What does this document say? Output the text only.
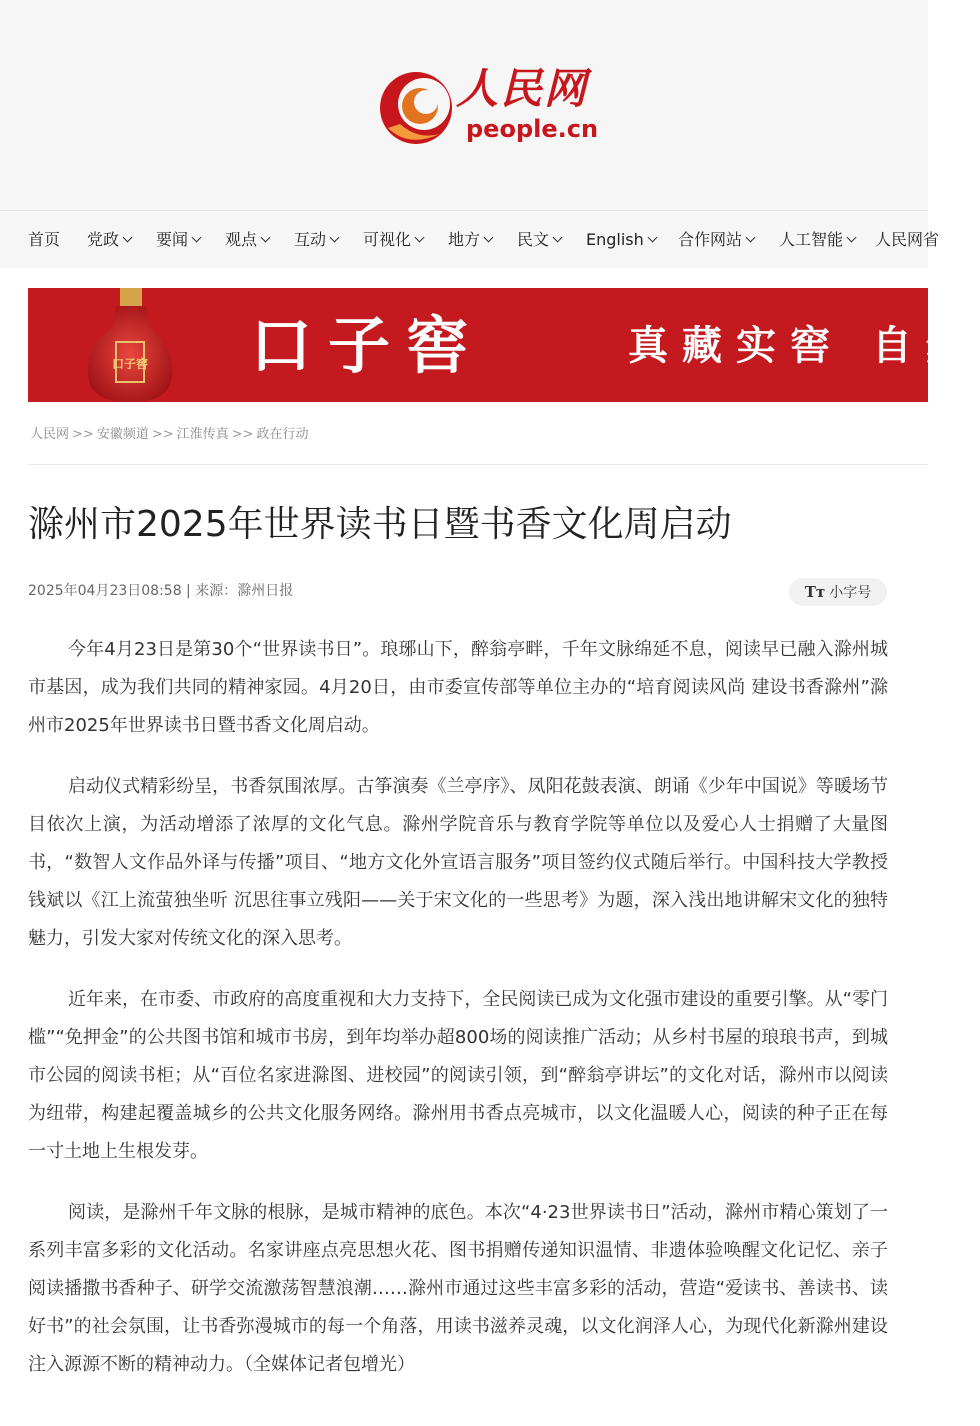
人民网
people.cn
首页 党政	要闻	观点	互动	可视化	地方	民文	English	合作网站	人工智能	人民网省
口子窖 口子窖	真藏实窖 自然
人民网 >> 安徽频道 >> 江淮传真 >> 政在行动
滁州市2025年世界读书日暨书香文化周启动
2025年04月23日08:58 | 来源：滁州日报	Tт 小字号

今年4月23日是第30个“世界读书日”。琅琊山下，醉翁亭畔，千年文脉绵延不息，阅读早已融入滁州城市基因，成为我们共同的精神家园。4月20日，由市委宣传部等单位主办的“培育阅读风尚 建设书香滁州”滁州市2025年世界读书日暨书香文化周启动。

启动仪式精彩纷呈，书香氛围浓厚。古筝演奏《兰亭序》、凤阳花鼓表演、朗诵《少年中国说》等暖场节目依次上演，为活动增添了浓厚的文化气息。滁州学院音乐与教育学院等单位以及爱心人士捐赠了大量图书，“数智人文作品外译与传播”项目、“地方文化外宣语言服务”项目签约仪式随后举行。中国科技大学教授钱斌以《江上流萤独坐听 沉思往事立残阳——关于宋文化的一些思考》为题，深入浅出地讲解宋文化的独特魅力，引发大家对传统文化的深入思考。

近年来，在市委、市政府的高度重视和大力支持下，全民阅读已成为文化强市建设的重要引擎。从“零门槛”“免押金”的公共图书馆和城市书房，到年均举办超800场的阅读推广活动；从乡村书屋的琅琅书声，到城市公园的阅读书柜；从“百位名家进滁图、进校园”的阅读引领，到“醉翁亭讲坛”的文化对话，滁州市以阅读为纽带，构建起覆盖城乡的公共文化服务网络。滁州用书香点亮城市，以文化温暖人心，阅读的种子正在每一寸土地上生根发芽。

阅读，是滁州千年文脉的根脉，是城市精神的底色。本次“4·23世界读书日”活动，滁州市精心策划了一系列丰富多彩的文化活动。名家讲座点亮思想火花、图书捐赠传递知识温情、非遗体验唤醒文化记忆、亲子阅读播撒书香种子、研学交流激荡智慧浪潮……滁州市通过这些丰富多彩的活动，营造“爱读书、善读书、读好书”的社会氛围，让书香弥漫城市的每一个角落，用读书滋养灵魂，以文化润泽人心，为现代化新滁州建设注入源源不断的精神动力。（全媒体记者包增光）
